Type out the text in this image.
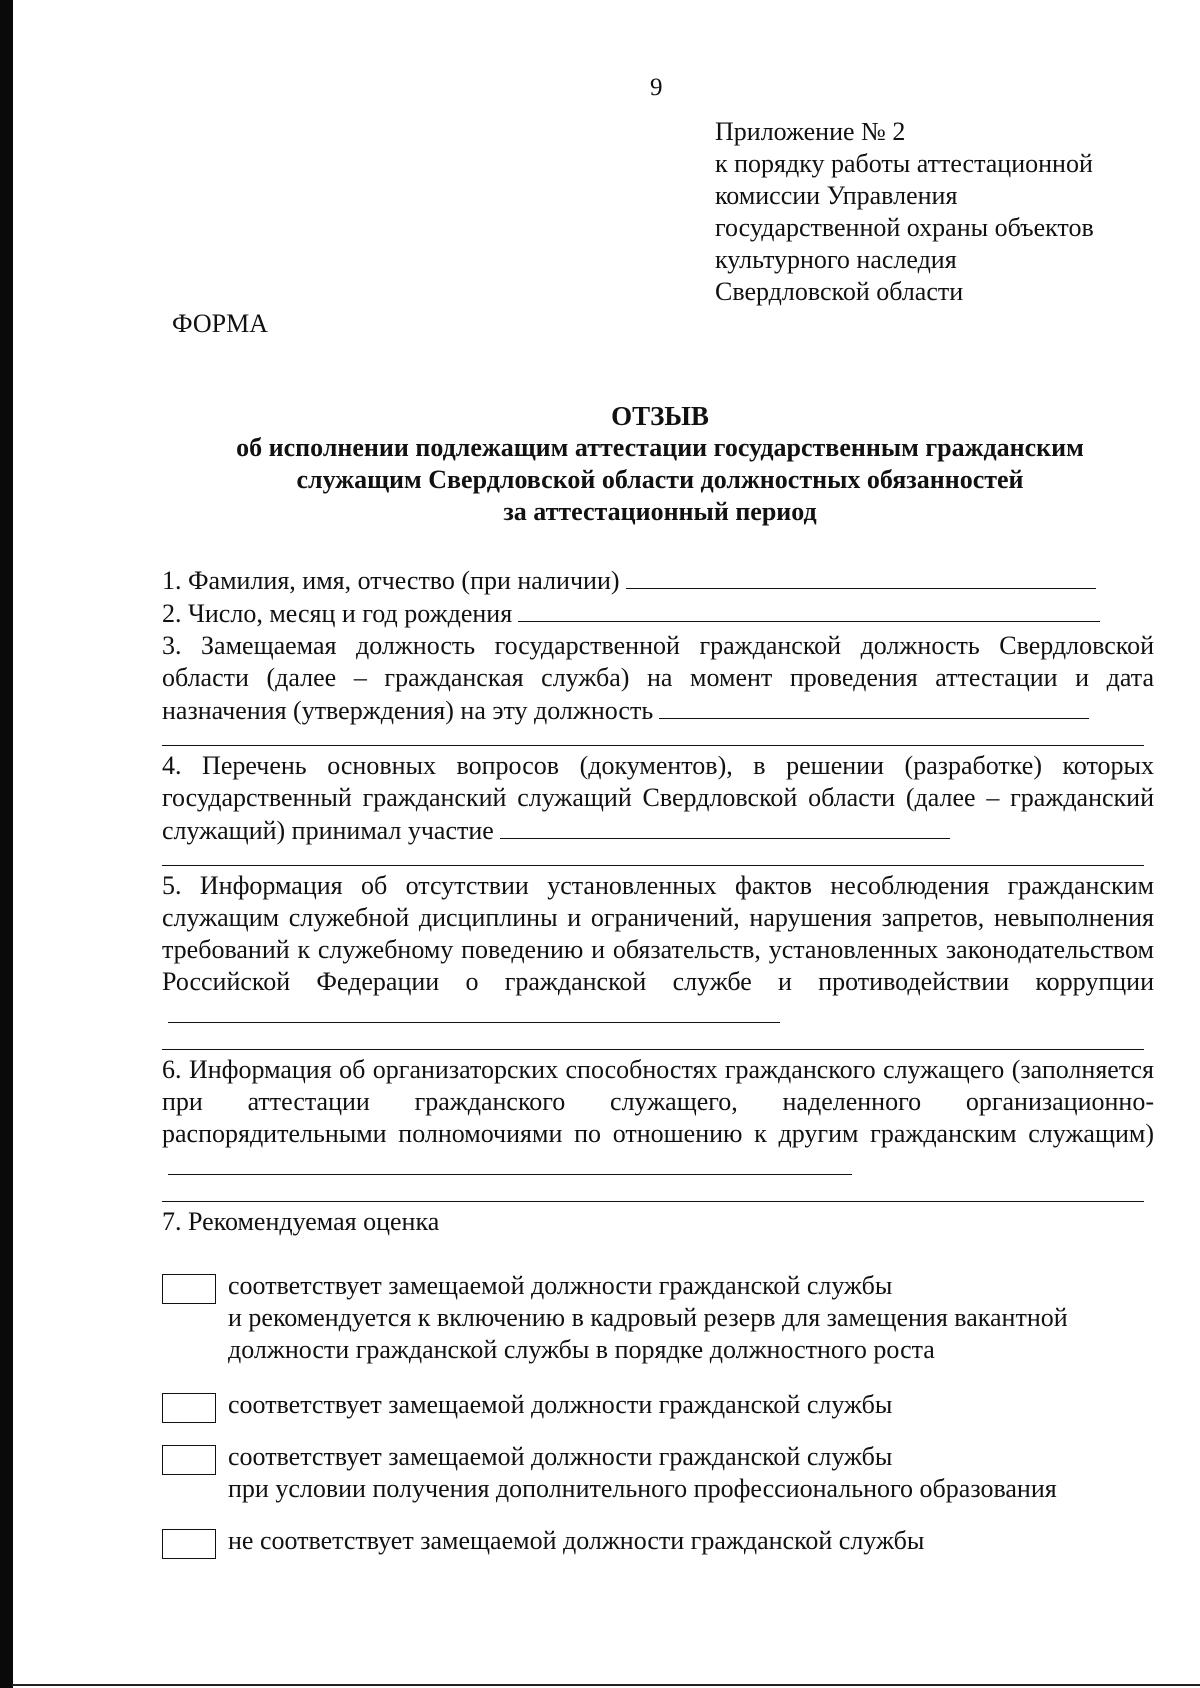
9
Приложение № 2
к порядку работы аттестационной
комиссии Управления
государственной охраны объектов
культурного наследия
Свердловской области
ФОРМА
ОТЗЫВ
об исполнении подлежащим аттестации государственным гражданским
служащим Свердловской области должностных обязанностей
за аттестационный период

1. Фамилия, имя, отчество (при наличии)

2. Число, месяц и год рождения

3. Замещаемая должность государственной гражданской должность Свердловской области (далее – гражданская служба) на момент проведения аттестации и дата назначения (утверждения) на эту должность

4. Перечень основных вопросов (документов), в решении (разработке) которых государственный гражданский служащий Свердловской области (далее – гражданский служащий) принимал участие

5. Информация об отсутствии установленных фактов несоблюдения гражданским служащим служебной дисциплины и ограничений, нарушения запретов, невыполнения требований к служебному поведению и обязательств, установленных законодательством Российской Федерации о гражданской службе и противодействии коррупции

6. Информация об организаторских способностях гражданского служащего (заполняется при аттестации гражданского служащего, наделенного организационно-распорядительными полномочиями по отношению к другим гражданским служащим)

7. Рекомендуемая оценка

соответствует замещаемой должности гражданской службы
и рекомендуется к включению в кадровый резерв для замещения вакантной
должности гражданской службы в порядке должностного роста
соответствует замещаемой должности гражданской службы
соответствует замещаемой должности гражданской службы
при условии получения дополнительного профессионального образования
не соответствует замещаемой должности гражданской службы
